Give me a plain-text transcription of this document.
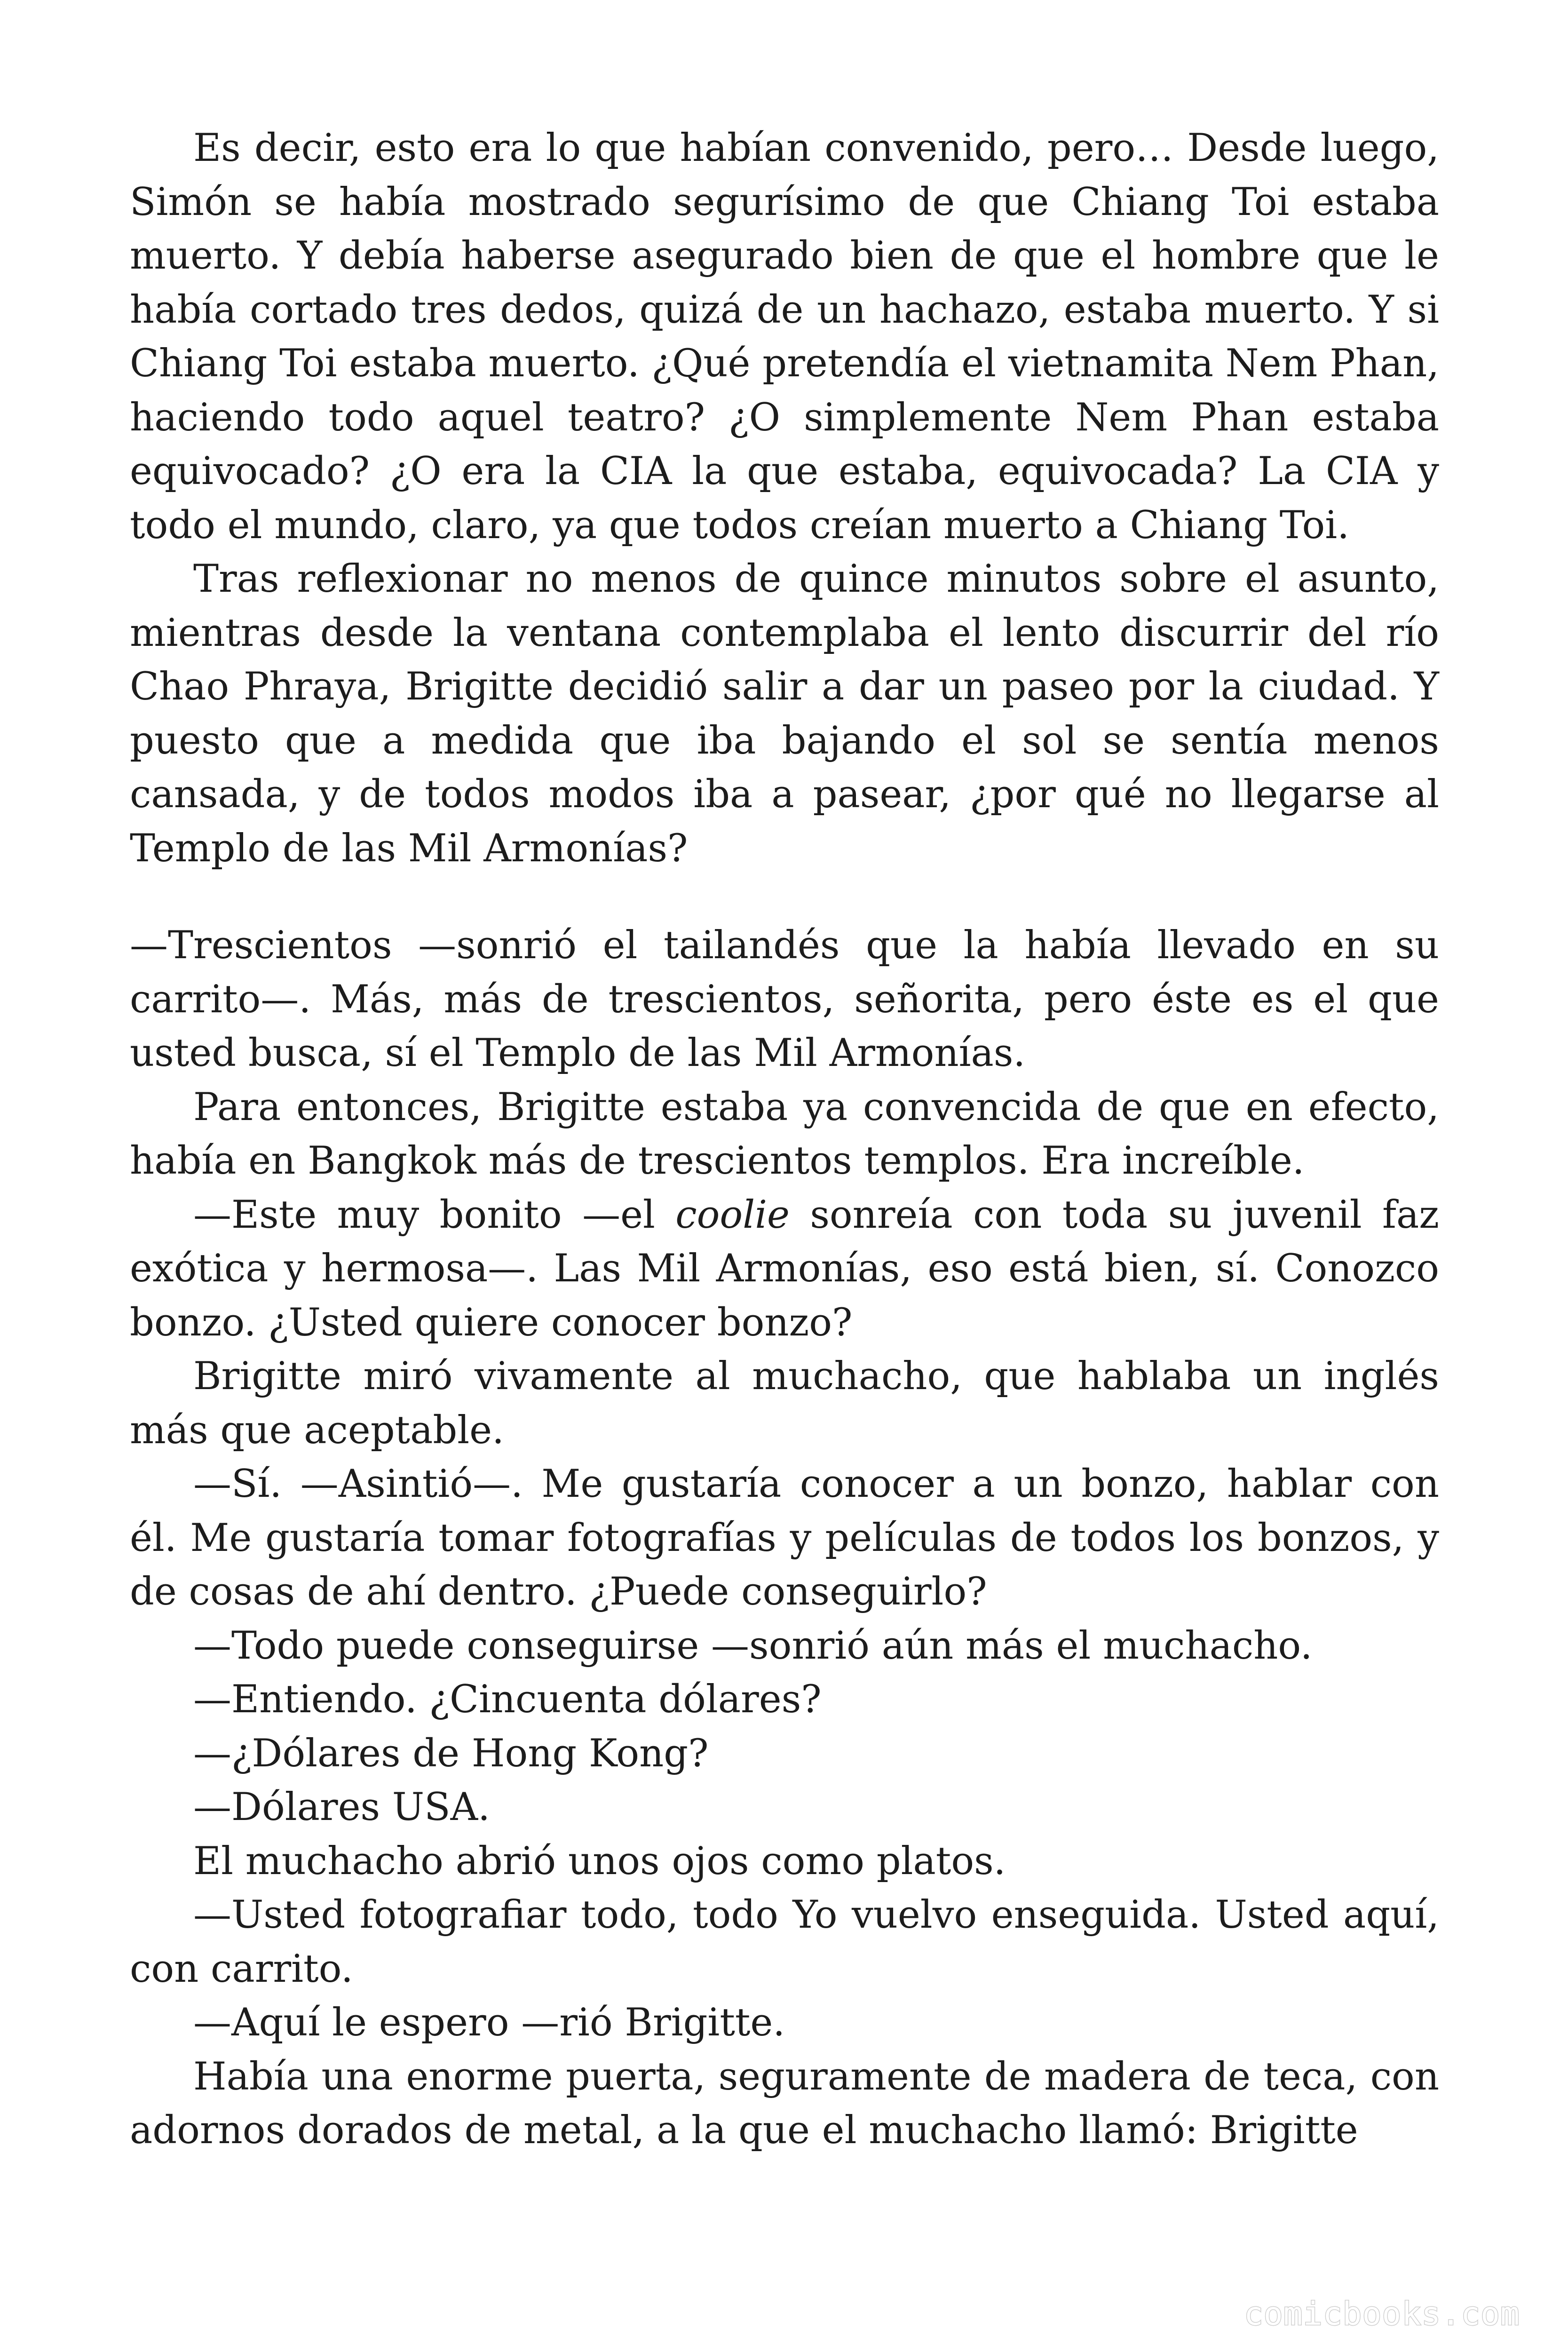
Es decir, esto era lo que habían convenido, pero… Desde luego, Simón se había mostrado segurísimo de que Chiang Toi estaba muerto. Y debía haberse asegurado bien de que el hombre que le había cortado tres dedos, quizá de un hachazo, estaba muerto. Y si Chiang Toi estaba muerto. ¿Qué pretendía el vietnamita Nem Phan, haciendo todo aquel teatro? ¿O simplemente Nem Phan estaba equivocado? ¿O era la CIA la que estaba, equivocada? La CIA y todo el mundo, claro, ya que todos creían muerto a Chiang Toi.

Tras reflexionar no menos de quince minutos sobre el asunto, mientras desde la ventana contemplaba el lento discurrir del río Chao Phraya, Brigitte decidió salir a dar un paseo por la ciudad. Y puesto que a medida que iba bajando el sol se sentía menos cansada, y de todos modos iba a pasear, ¿por qué no llegarse al Templo de las Mil Armonías?

—Trescientos —sonrió el tailandés que la había llevado en su carrito—. Más, más de trescientos, señorita, pero éste es el que usted busca, sí el Templo de las Mil Armonías.

Para entonces, Brigitte estaba ya convencida de que en efecto, había en Bangkok más de trescientos templos. Era increíble.

—Este muy bonito —el coolie sonreía con toda su juvenil faz exótica y hermosa—. Las Mil Armonías, eso está bien, sí. Conozco bonzo. ¿Usted quiere conocer bonzo?

Brigitte miró vivamente al muchacho, que hablaba un inglés más que aceptable.

—Sí. —Asintió—. Me gustaría conocer a un bonzo, hablar con él. Me gustaría tomar fotografías y películas de todos los bonzos, y de cosas de ahí dentro. ¿Puede conseguirlo?

—Todo puede conseguirse —sonrió aún más el muchacho.

—Entiendo. ¿Cincuenta dólares?

—¿Dólares de Hong Kong?

—Dólares USA.

El muchacho abrió unos ojos como platos.

—Usted fotografiar todo, todo Yo vuelvo enseguida. Usted aquí, con carrito.

—Aquí le espero —rió Brigitte.

Había una enorme puerta, seguramente de madera de teca, con adornos dorados de metal, a la que el muchacho llamó: Brigitte

comicbooks.com
